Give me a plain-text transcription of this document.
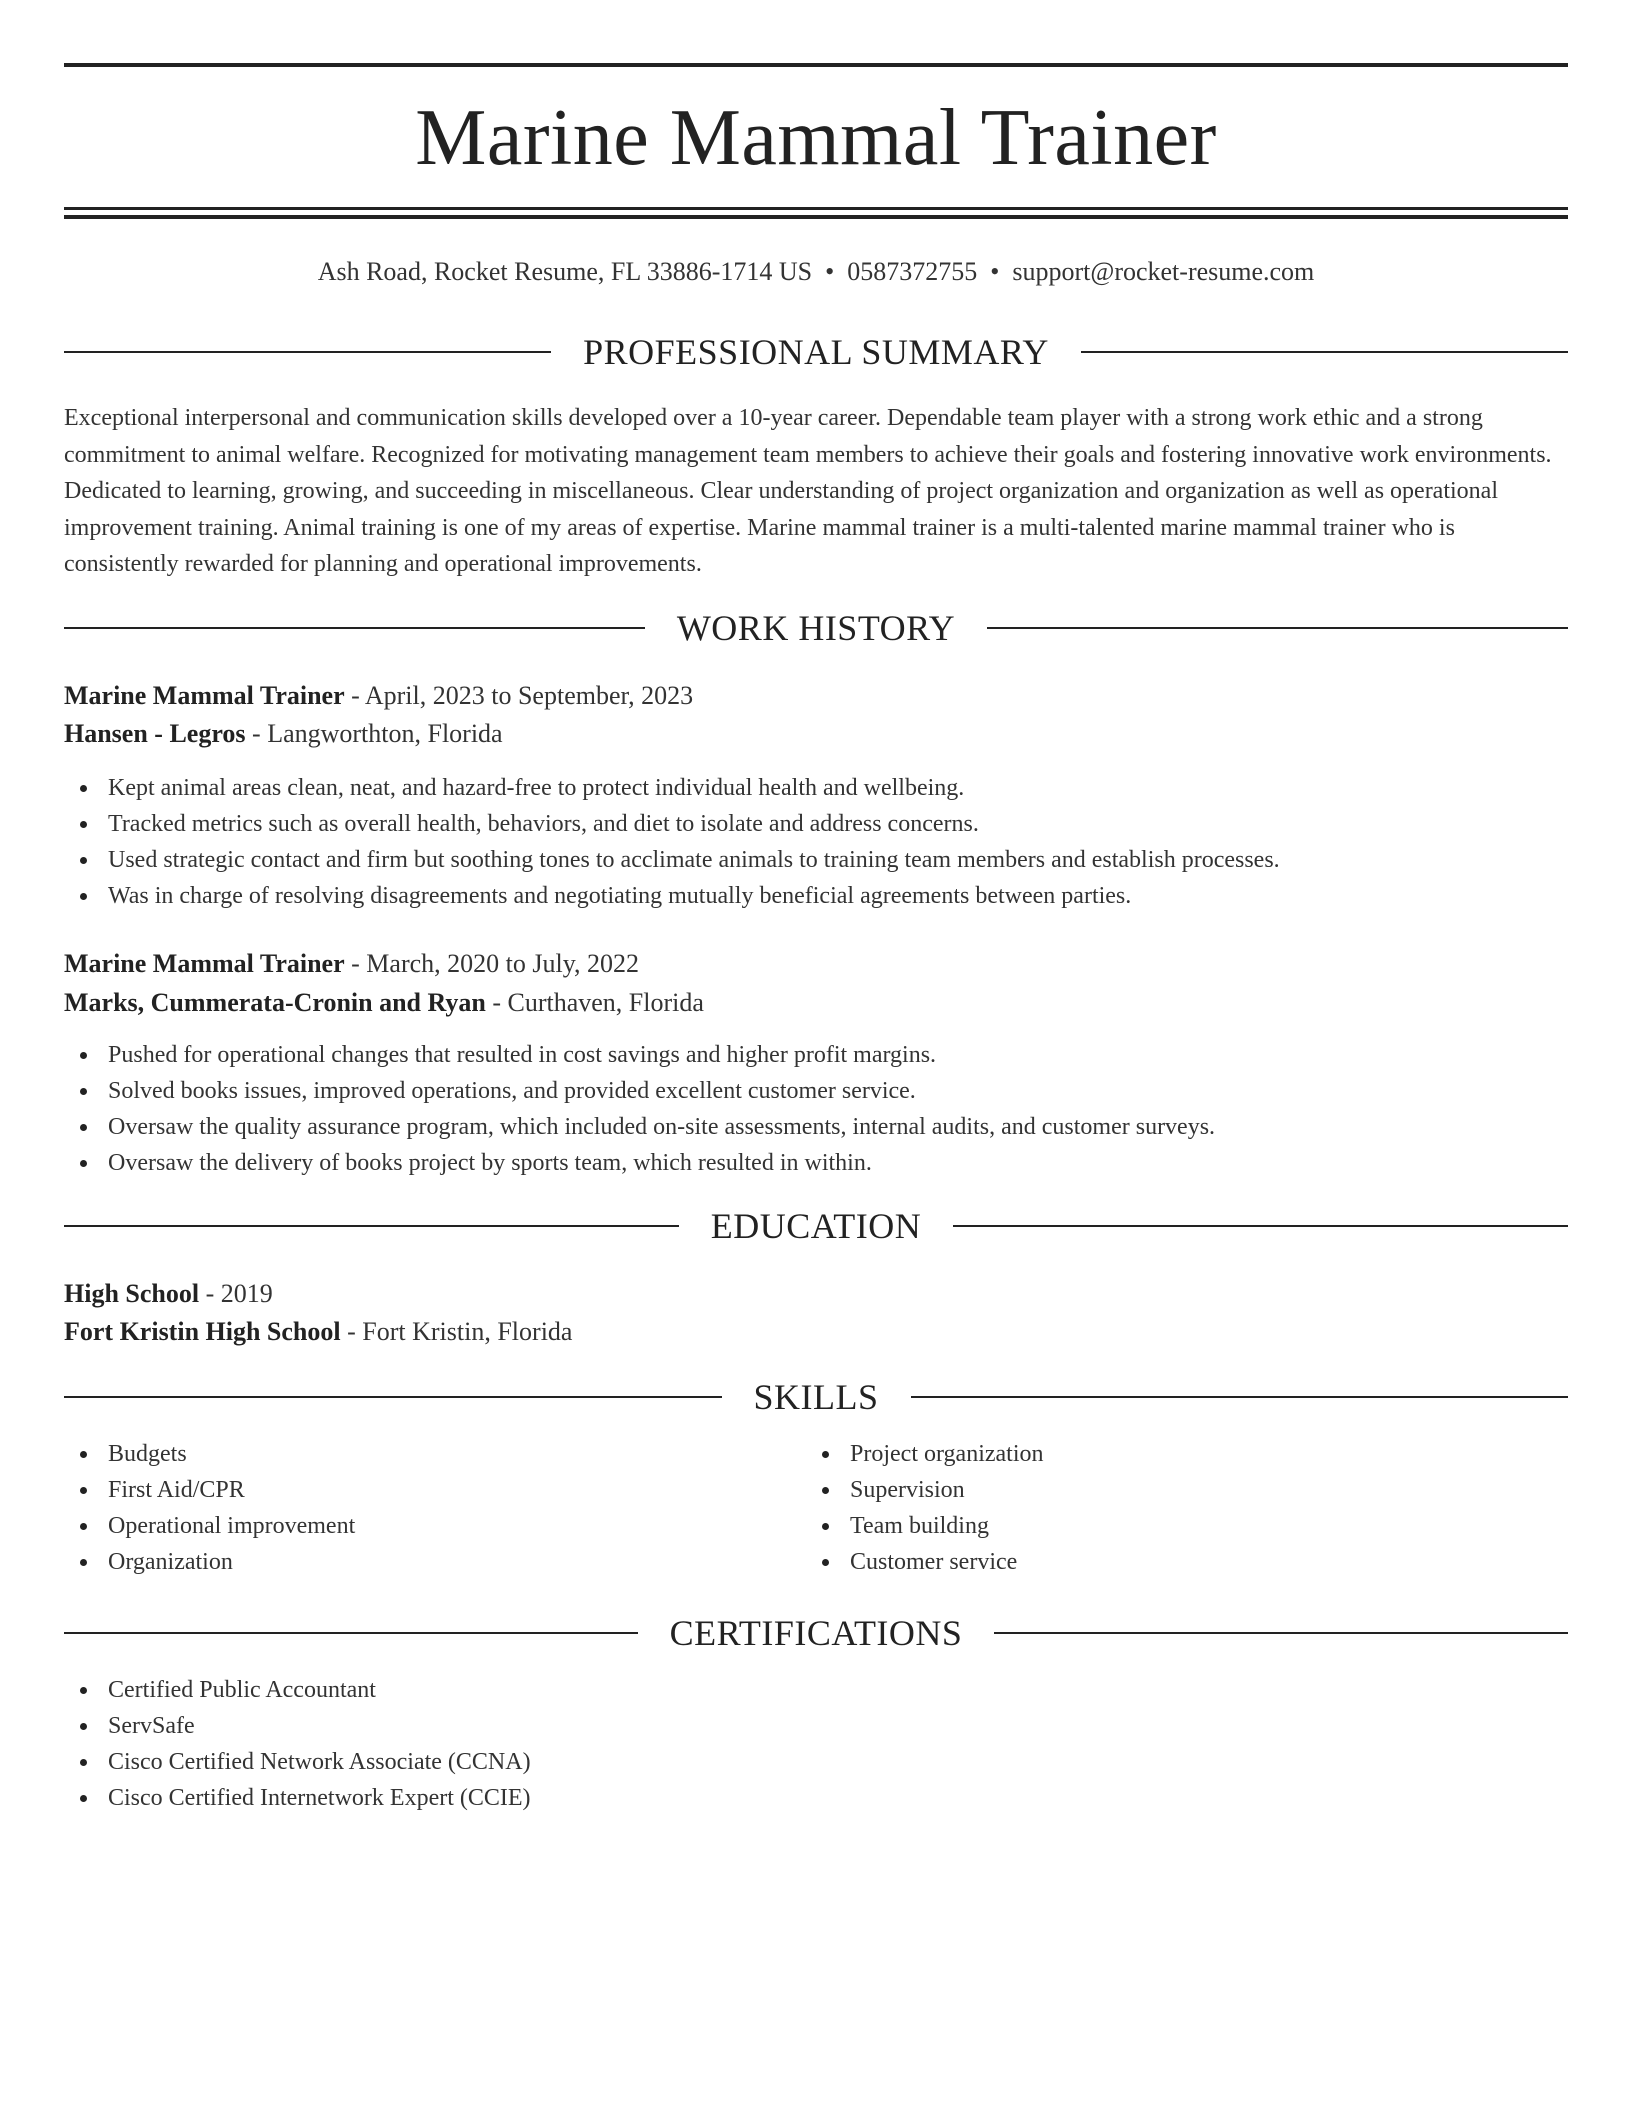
Marine Mammal Trainer
Ash Road, Rocket Resume, FL 33886-1714 US • 0587372755 • support@rocket-resume.com
PROFESSIONAL SUMMARY
Exceptional interpersonal and communication skills developed over a 10-year career. Dependable team player with a strong work ethic and a strong commitment to animal welfare. Recognized for motivating management team members to achieve their goals and fostering innovative work environments. Dedicated to learning, growing, and succeeding in miscellaneous. Clear understanding of project organization and organization as well as operational improvement training. Animal training is one of my areas of expertise. Marine mammal trainer is a multi-talented marine mammal trainer who is consistently rewarded for planning and operational improvements.
WORK HISTORY
Marine Mammal Trainer - April, 2023 to September, 2023
Hansen - Legros - Langworthton, Florida
Kept animal areas clean, neat, and hazard-free to protect individual health and wellbeing.
Tracked metrics such as overall health, behaviors, and diet to isolate and address concerns.
Used strategic contact and firm but soothing tones to acclimate animals to training team members and establish processes.
Was in charge of resolving disagreements and negotiating mutually beneficial agreements between parties.
Marine Mammal Trainer - March, 2020 to July, 2022
Marks, Cummerata-Cronin and Ryan - Curthaven, Florida
Pushed for operational changes that resulted in cost savings and higher profit margins.
Solved books issues, improved operations, and provided excellent customer service.
Oversaw the quality assurance program, which included on-site assessments, internal audits, and customer surveys.
Oversaw the delivery of books project by sports team, which resulted in within.
EDUCATION
High School - 2019
Fort Kristin High School - Fort Kristin, Florida
SKILLS
Budgets
First Aid/CPR
Operational improvement
Organization
Project organization
Supervision
Team building
Customer service
CERTIFICATIONS
Certified Public Accountant
ServSafe
Cisco Certified Network Associate (CCNA)
Cisco Certified Internetwork Expert (CCIE)
